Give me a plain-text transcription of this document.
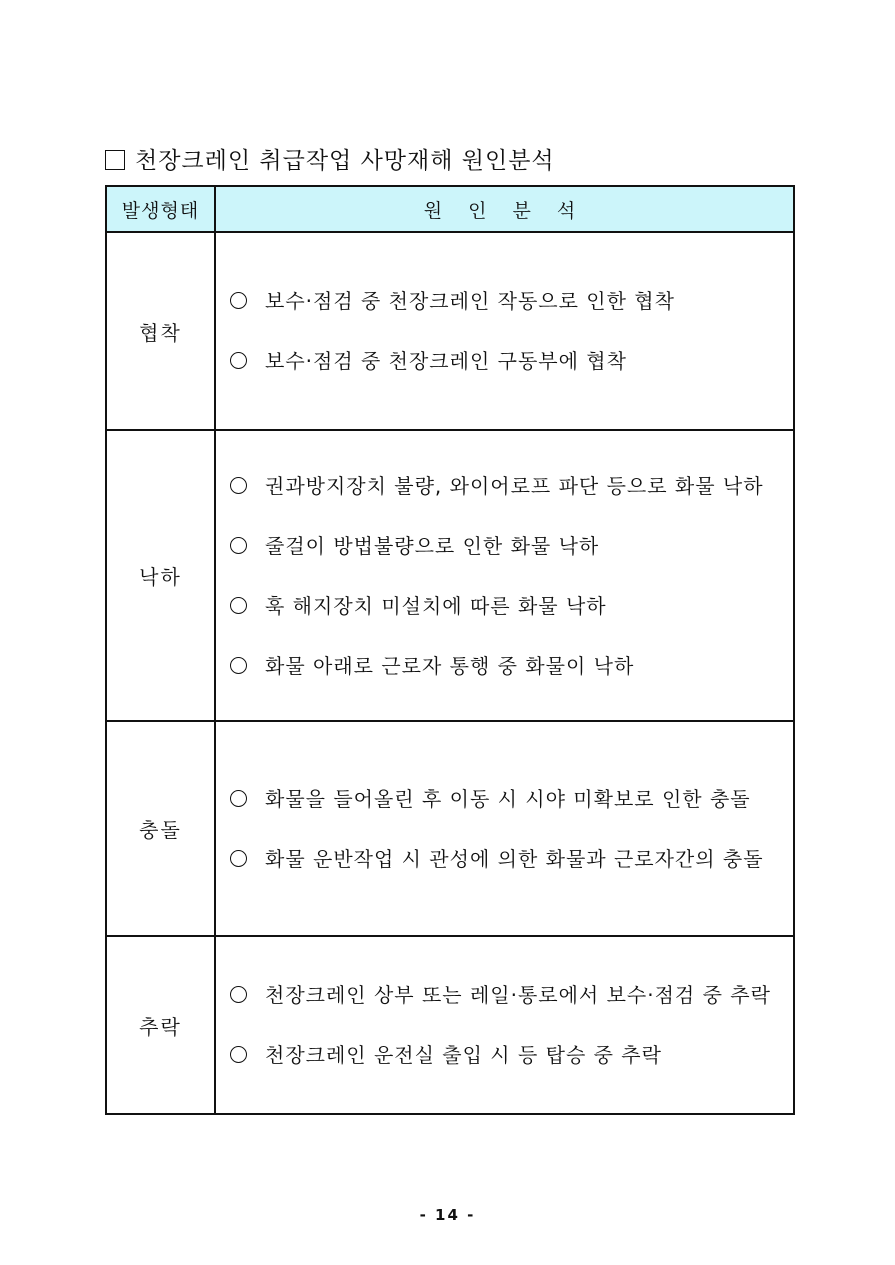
천장크레인 취급작업 사망재해 원인분석
발생형태	원 인 분 석
협착	보수·점검 중 천장크레인 작동으로 인한 협착
보수·점검 중 천장크레인 구동부에 협착

낙하	권과방지장치 불량, 와이어로프 파단 등으로 화물 낙하
줄걸이 방법불량으로 인한 화물 낙하
훅 해지장치 미설치에 따른 화물 낙하
화물 아래로 근로자 통행 중 화물이 낙하

충돌	화물을 들어올린 후 이동 시 시야 미확보로 인한 충돌
화물 운반작업 시 관성에 의한 화물과 근로자간의 충돌

추락	천장크레인 상부 또는 레일·통로에서 보수·점검 중 추락
천장크레인 운전실 출입 시 등 탑승 중 추락
- 14 -
